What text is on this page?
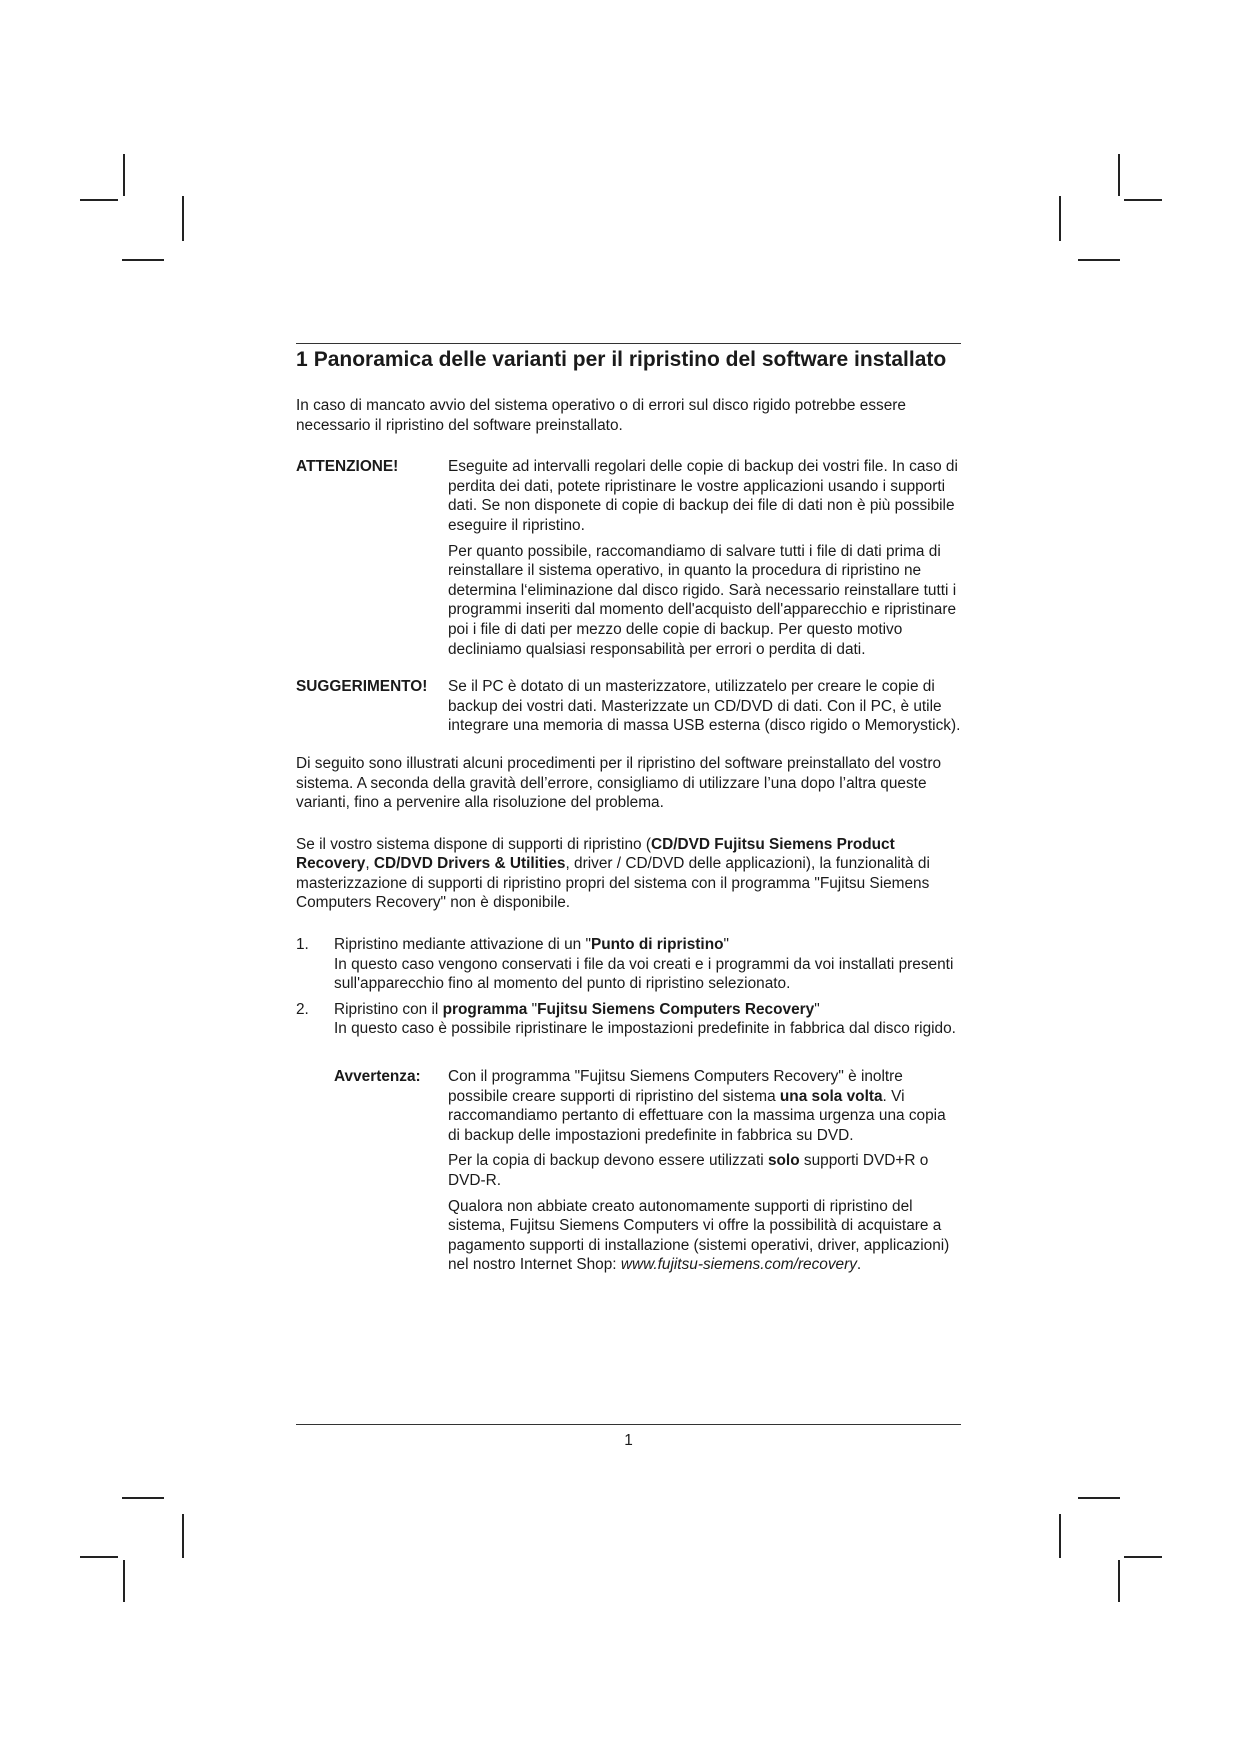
1 Panoramica delle varianti per il ripristino del software installato

In caso di mancato avvio del sistema operativo o di errori sul disco rigido potrebbe essere necessario il ripristino del software preinstallato.

ATTENZIONE!	Eseguite ad intervalli regolari delle copie di backup dei vostri file. In caso di perdita dei dati, potete ripristinare le vostre applicazioni usando i supporti dati. Se non disponete di copie di backup dei file di dati non è più possibile eseguire il ripristino.

Per quanto possibile, raccomandiamo di salvare tutti i file di dati prima di reinstallare il sistema operativo, in quanto la procedura di ripristino ne determina l‘eliminazione dal disco rigido. Sarà necessario reinstallare tutti i programmi inseriti dal momento dell'acquisto dell'apparecchio e ripristinare poi i file di dati per mezzo delle copie di backup. Per questo motivo decliniamo qualsiasi responsabilità per errori o perdita di dati.

SUGGERIMENTO!	Se il PC è dotato di un masterizzatore, utilizzatelo per creare le copie di backup dei vostri dati. Masterizzate un CD/DVD di dati. Con il PC, è utile integrare una memoria di massa USB esterna (disco rigido o Memorystick).

Di seguito sono illustrati alcuni procedimenti per il ripristino del software preinstallato del vostro sistema. A seconda della gravità dell’errore, consigliamo di utilizzare l’una dopo l’altra queste varianti, fino a pervenire alla risoluzione del problema.

Se il vostro sistema dispone di supporti di ripristino (CD/DVD Fujitsu Siemens Product Recovery, CD/DVD Drivers & Utilities, driver / CD/DVD delle applicazioni), la funzionalità di masterizzazione di supporti di ripristino propri del sistema con il programma "Fujitsu Siemens Computers Recovery" non è disponibile.

1.	Ripristino mediante attivazione di un "Punto di ripristino"

In questo caso vengono conservati i file da voi creati e i programmi da voi installati presenti sull'apparecchio fino al momento del punto di ripristino selezionato.

2.	Ripristino con il programma "Fujitsu Siemens Computers Recovery"

In questo caso è possibile ripristinare le impostazioni predefinite in fabbrica dal disco rigido.

Avvertenza:	Con il programma "Fujitsu Siemens Computers Recovery" è inoltre possibile creare supporti di ripristino del sistema una sola volta. Vi raccomandiamo pertanto di effettuare con la massima urgenza una copia di backup delle impostazioni predefinite in fabbrica su DVD.

Per la copia di backup devono essere utilizzati solo supporti DVD+R o DVD-R.

Qualora non abbiate creato autonomamente supporti di ripristino del sistema, Fujitsu Siemens Computers vi offre la possibilità di acquistare a pagamento supporti di installazione (sistemi operativi, driver, applicazioni) nel nostro Internet Shop: www.fujitsu-siemens.com/recovery.

1
